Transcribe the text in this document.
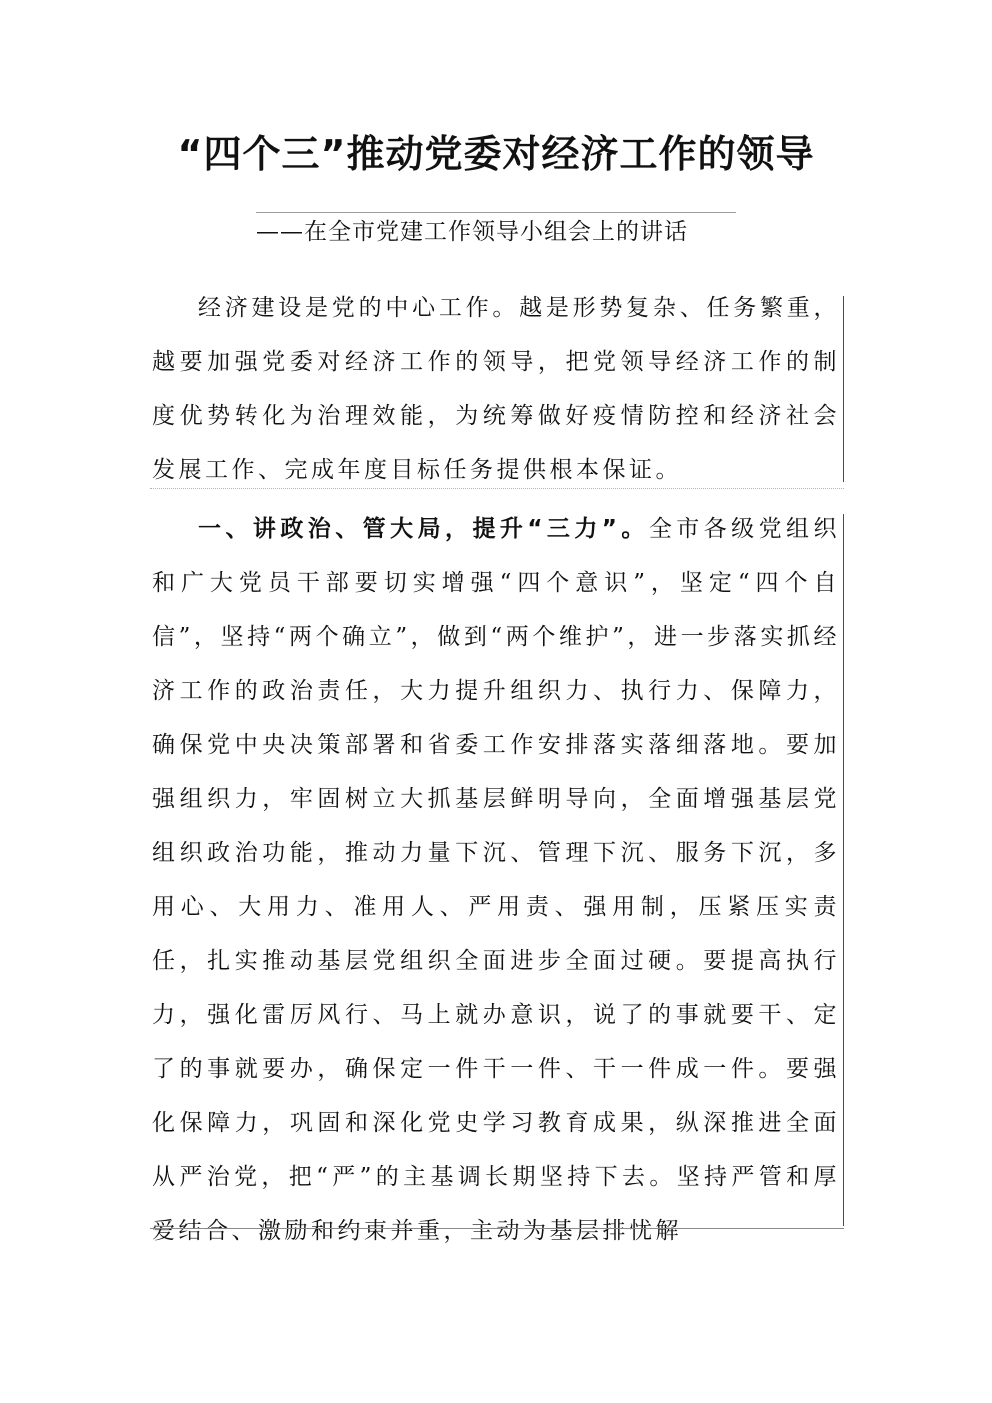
“四个三”推动党委对经济工作的领导
——在全市党建工作领导小组会上的讲话

经济建设是党的中心工作。越是形势复杂、任务繁重，越要加强党委对经济工作的领导，把党领导经济工作的制度优势转化为治理效能，为统筹做好疫情防控和经济社会发展工作、完成年度目标任务提供根本保证。

一、讲政治、管大局，提升“三力”。全市各级党组织和广大党员干部要切实增强“四个意识”，坚定“四个自信”，坚持“两个确立”，做到“两个维护”，进一步落实抓经济工作的政治责任，大力提升组织力、执行力、保障力，确保党中央决策部署和省委工作安排落实落细落地。要加强组织力，牢固树立大抓基层鲜明导向，全面增强基层党组织政治功能，推动力量下沉、管理下沉、服务下沉，多用心、大用力、准用人、严用责、强用制，压紧压实责任，扎实推动基层党组织全面进步全面过硬。要提高执行力，强化雷厉风行、马上就办意识，说了的事就要干、定了的事就要办，确保定一件干一件、干一件成一件。要强化保障力，巩固和深化党史学习教育成果，纵深推进全面从严治党，把“严”的主基调长期坚持下去。坚持严管和厚爱结合、激励和约束并重，主动为基层排忧解
